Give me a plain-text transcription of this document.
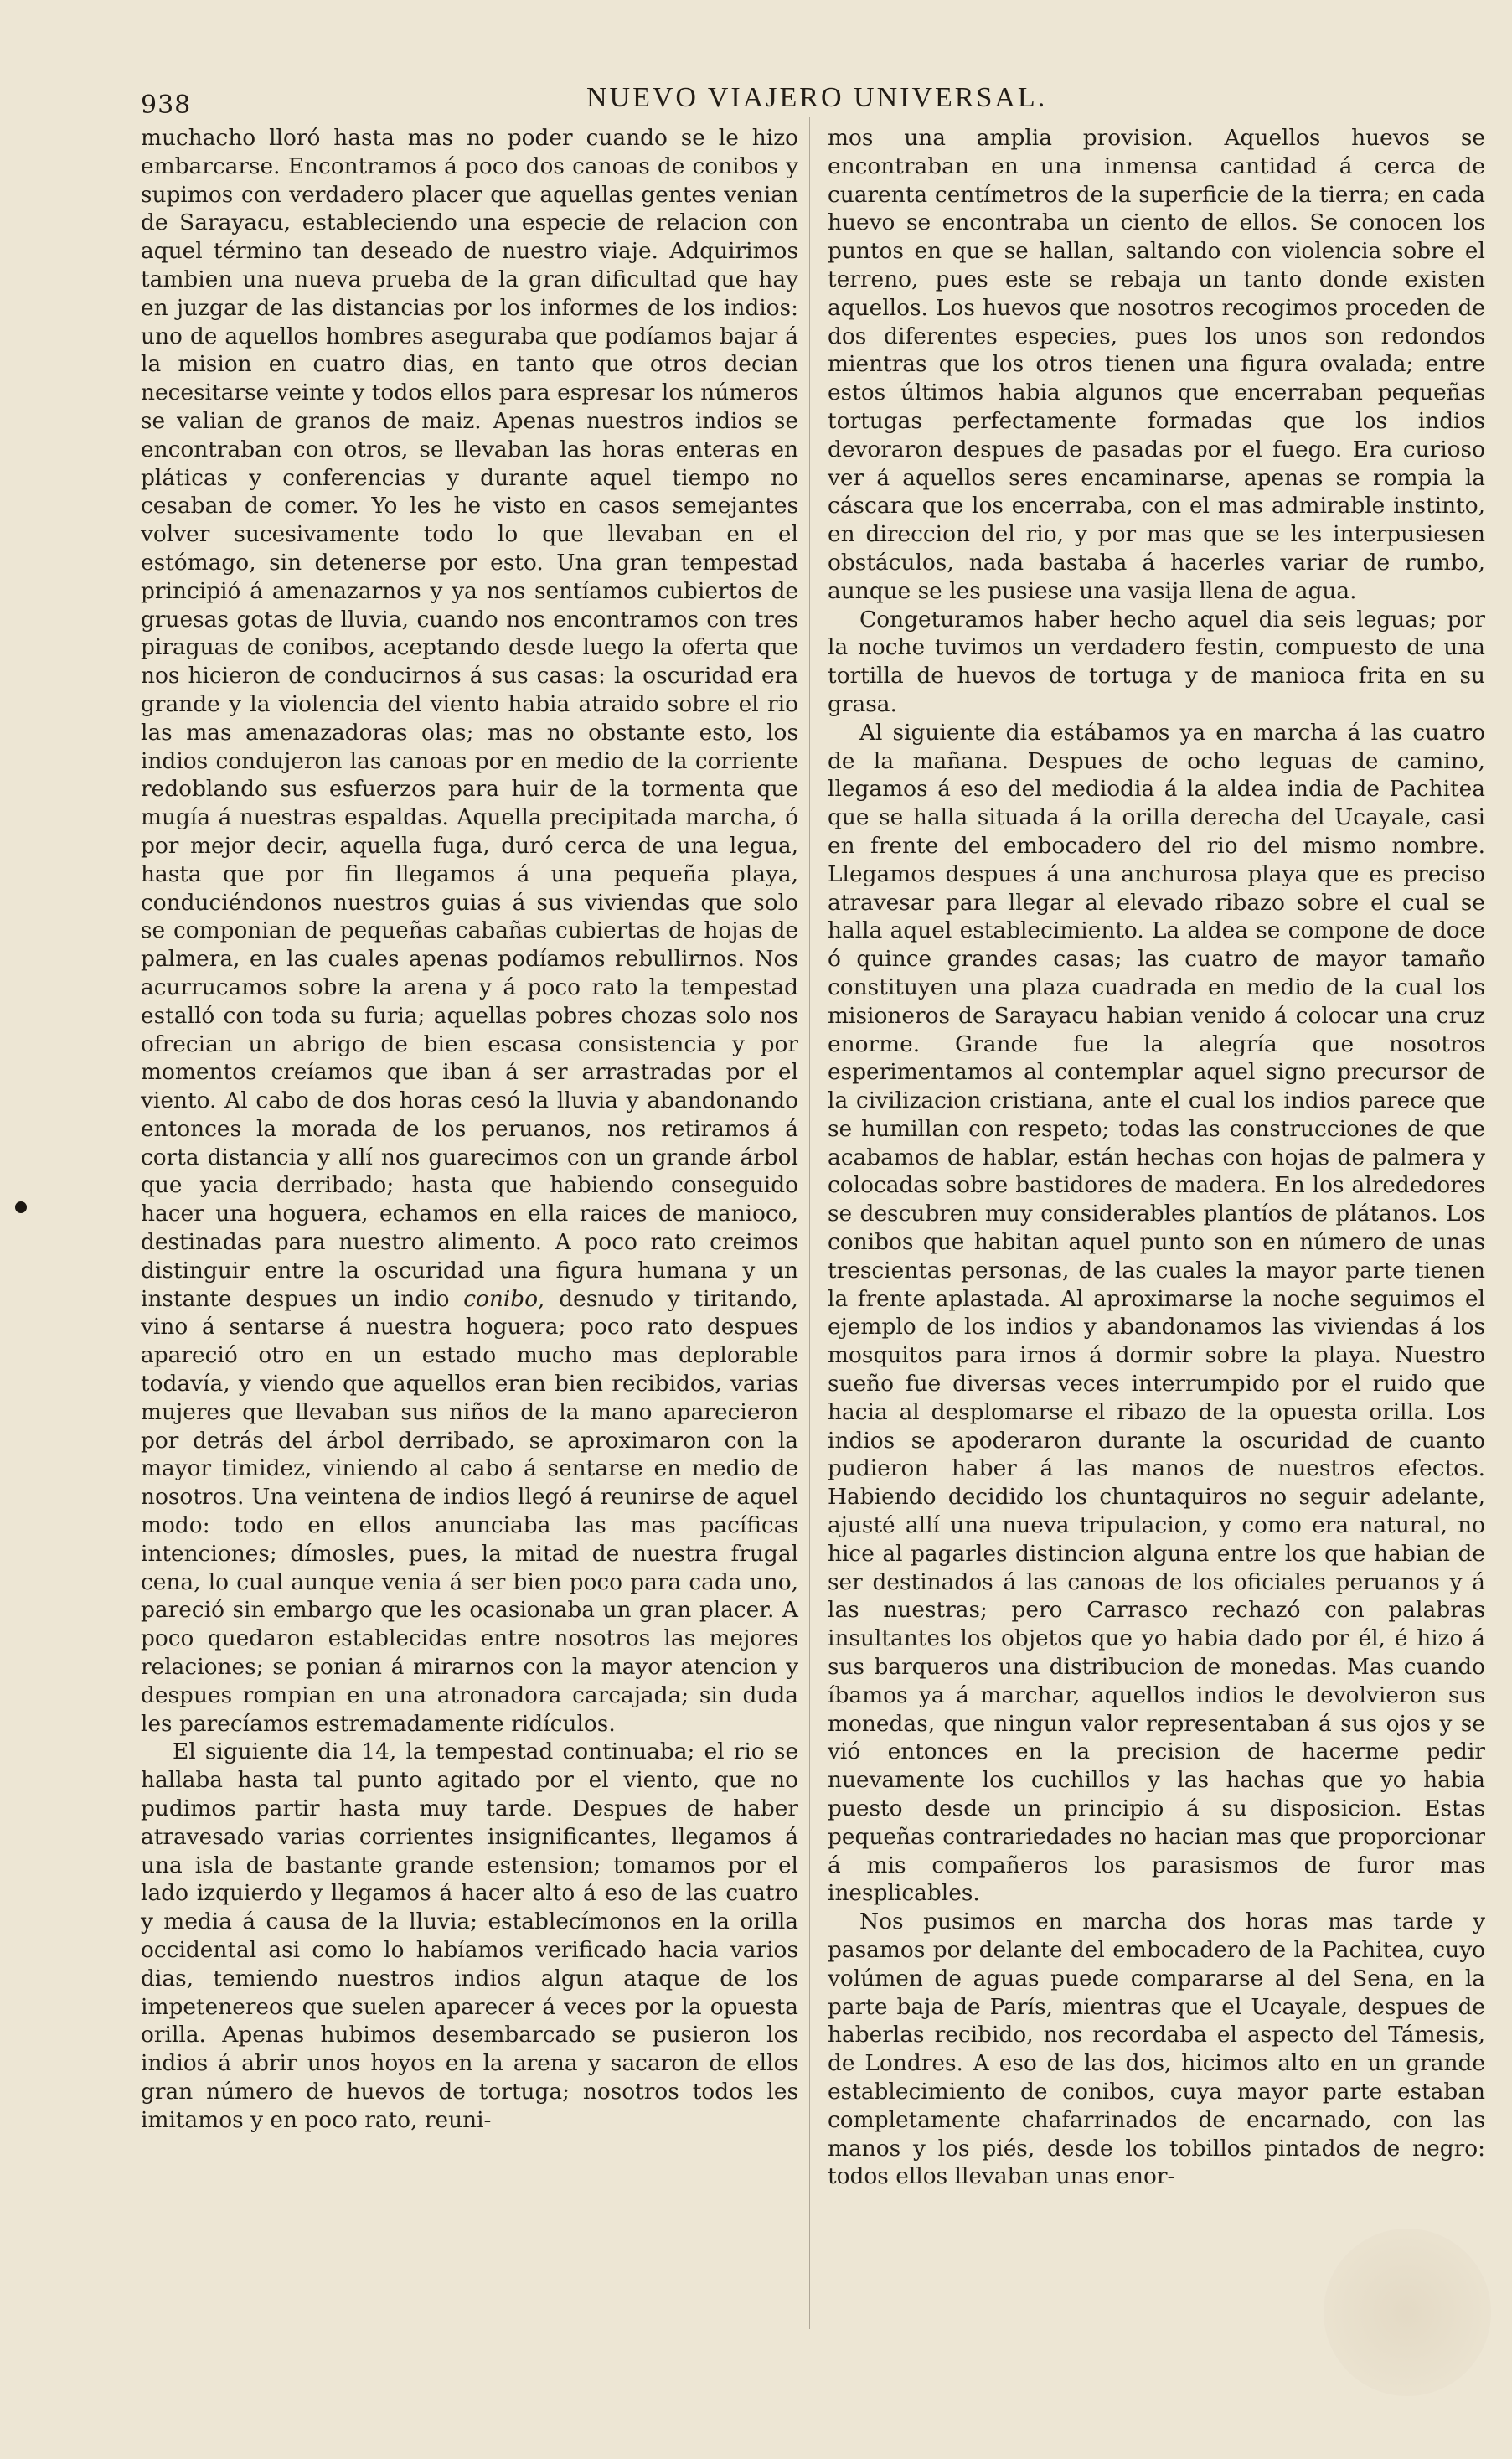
938	NUEVO VIAJERO UNIVERSAL.

muchacho lloró hasta mas no poder cuando se le hizo embarcarse. Encontramos á poco dos canoas de conibos y supimos con verdadero placer que aquellas gentes venian de Sarayacu, estableciendo una especie de relacion con aquel término tan deseado de nuestro viaje. Adquirimos tambien una nueva prueba de la gran dificultad que hay en juzgar de las distancias por los informes de los indios: uno de aquellos hombres aseguraba que podíamos bajar á la mision en cuatro dias, en tanto que otros decian necesitarse veinte y todos ellos para espresar los números se valian de granos de maiz. Apenas nuestros indios se encontraban con otros, se llevaban las horas enteras en pláticas y conferencias y durante aquel tiempo no cesaban de comer. Yo les he visto en casos semejantes volver sucesivamente todo lo que llevaban en el estómago, sin detenerse por esto. Una gran tempestad principió á amenazarnos y ya nos sentíamos cubiertos de gruesas gotas de lluvia, cuando nos encontramos con tres piraguas de conibos, aceptando desde luego la oferta que nos hicieron de conducirnos á sus casas: la oscuridad era grande y la violencia del viento habia atraido sobre el rio las mas amenazadoras olas; mas no obstante esto, los indios condujeron las canoas por en medio de la corriente redoblando sus esfuerzos para huir de la tormenta que mugía á nuestras espaldas. Aquella precipitada marcha, ó por mejor decir, aquella fuga, duró cerca de una legua, hasta que por fin llegamos á una pequeña playa, conduciéndonos nuestros guias á sus viviendas que solo se componian de pequeñas cabañas cubiertas de hojas de palmera, en las cuales apenas podíamos rebullirnos. Nos acurrucamos sobre la arena y á poco rato la tempestad estalló con toda su furia; aquellas pobres chozas solo nos ofrecian un abrigo de bien escasa consistencia y por momentos creíamos que iban á ser arrastradas por el viento. Al cabo de dos horas cesó la lluvia y abandonando entonces la morada de los peruanos, nos retiramos á corta distancia y allí nos guarecimos con un grande árbol que yacia derribado; hasta que habiendo conseguido hacer una hoguera, echamos en ella raices de manioco, destinadas para nuestro alimento. A poco rato creimos distinguir entre la oscuridad una figura humana y un instante despues un indio conibo, desnudo y tiritando, vino á sentarse á nuestra hoguera; poco rato despues apareció otro en un estado mucho mas deplorable todavía, y viendo que aquellos eran bien recibidos, varias mujeres que llevaban sus niños de la mano aparecieron por detrás del árbol derribado, se aproximaron con la mayor timidez, viniendo al cabo á sentarse en medio de nosotros. Una veintena de indios llegó á reunirse de aquel modo: todo en ellos anunciaba las mas pacíficas intenciones; dímosles, pues, la mitad de nuestra frugal cena, lo cual aunque venia á ser bien poco para cada uno, pareció sin embargo que les ocasionaba un gran placer. A poco quedaron establecidas entre nosotros las mejores relaciones; se ponian á mirarnos con la mayor atencion y despues rompian en una atronadora carcajada; sin duda les parecíamos estremadamente ridículos.

El siguiente dia 14, la tempestad continuaba; el rio se hallaba hasta tal punto agitado por el viento, que no pudimos partir hasta muy tarde. Despues de haber atravesado varias corrientes insignificantes, llegamos á una isla de bastante grande estension; tomamos por el lado izquierdo y llegamos á hacer alto á eso de las cuatro y media á causa de la lluvia; establecímonos en la orilla occidental asi como lo habíamos verificado hacia varios dias, temiendo nuestros indios algun ataque de los impetenereos que suelen aparecer á veces por la opuesta orilla. Apenas hubimos desembarcado se pusieron los indios á abrir unos hoyos en la arena y sacaron de ellos gran número de huevos de tortuga; nosotros todos les imitamos y en poco rato, reuni-

mos una amplia provision. Aquellos huevos se encontraban en una inmensa cantidad á cerca de cuarenta centímetros de la superficie de la tierra; en cada huevo se encontraba un ciento de ellos. Se conocen los puntos en que se hallan, saltando con violencia sobre el terreno, pues este se rebaja un tanto donde existen aquellos. Los huevos que nosotros recogimos proceden de dos diferentes especies, pues los unos son redondos mientras que los otros tienen una figura ovalada; entre estos últimos habia algunos que encerraban pequeñas tortugas perfectamente formadas que los indios devoraron despues de pasadas por el fuego. Era curioso ver á aquellos seres encaminarse, apenas se rompia la cáscara que los encerraba, con el mas admirable instinto, en direccion del rio, y por mas que se les interpusiesen obstáculos, nada bastaba á hacerles variar de rumbo, aunque se les pusiese una vasija llena de agua.

Congeturamos haber hecho aquel dia seis leguas; por la noche tuvimos un verdadero festin, compuesto de una tortilla de huevos de tortuga y de manioca frita en su grasa.

Al siguiente dia estábamos ya en marcha á las cuatro de la mañana. Despues de ocho leguas de camino, llegamos á eso del mediodia á la aldea india de Pachitea que se halla situada á la orilla derecha del Ucayale, casi en frente del embocadero del rio del mismo nombre. Llegamos despues á una anchurosa playa que es preciso atravesar para llegar al elevado ribazo sobre el cual se halla aquel establecimiento. La aldea se compone de doce ó quince grandes casas; las cuatro de mayor tamaño constituyen una plaza cuadrada en medio de la cual los misioneros de Sarayacu habian venido á colocar una cruz enorme. Grande fue la alegría que nosotros esperimentamos al contemplar aquel signo precursor de la civilizacion cristiana, ante el cual los indios parece que se humillan con respeto; todas las construcciones de que acabamos de hablar, están hechas con hojas de palmera y colocadas sobre bastidores de madera. En los alrededores se descubren muy considerables plantíos de plátanos. Los conibos que habitan aquel punto son en número de unas trescientas personas, de las cuales la mayor parte tienen la frente aplastada. Al aproximarse la noche seguimos el ejemplo de los indios y abandonamos las viviendas á los mosquitos para irnos á dormir sobre la playa. Nuestro sueño fue diversas veces interrumpido por el ruido que hacia al desplomarse el ribazo de la opuesta orilla. Los indios se apoderaron durante la oscuridad de cuanto pudieron haber á las manos de nuestros efectos. Habiendo decidido los chuntaquiros no seguir adelante, ajusté allí una nueva tripulacion, y como era natural, no hice al pagarles distincion alguna entre los que habian de ser destinados á las canoas de los oficiales peruanos y á las nuestras; pero Carrasco rechazó con palabras insultantes los objetos que yo habia dado por él, é hizo á sus barqueros una distribucion de monedas. Mas cuando íbamos ya á marchar, aquellos indios le devolvieron sus monedas, que ningun valor representaban á sus ojos y se vió entonces en la precision de hacerme pedir nuevamente los cuchillos y las hachas que yo habia puesto desde un principio á su disposicion. Estas pequeñas contrariedades no hacian mas que proporcionar á mis compañeros los parasismos de furor mas inesplicables.

Nos pusimos en marcha dos horas mas tarde y pasamos por delante del embocadero de la Pachitea, cuyo volúmen de aguas puede compararse al del Sena, en la parte baja de París, mientras que el Ucayale, despues de haberlas recibido, nos recordaba el aspecto del Támesis, de Londres. A eso de las dos, hicimos alto en un grande establecimiento de conibos, cuya mayor parte estaban completamente chafarrinados de encarnado, con las manos y los piés, desde los tobillos pintados de negro: todos ellos llevaban unas enor-
